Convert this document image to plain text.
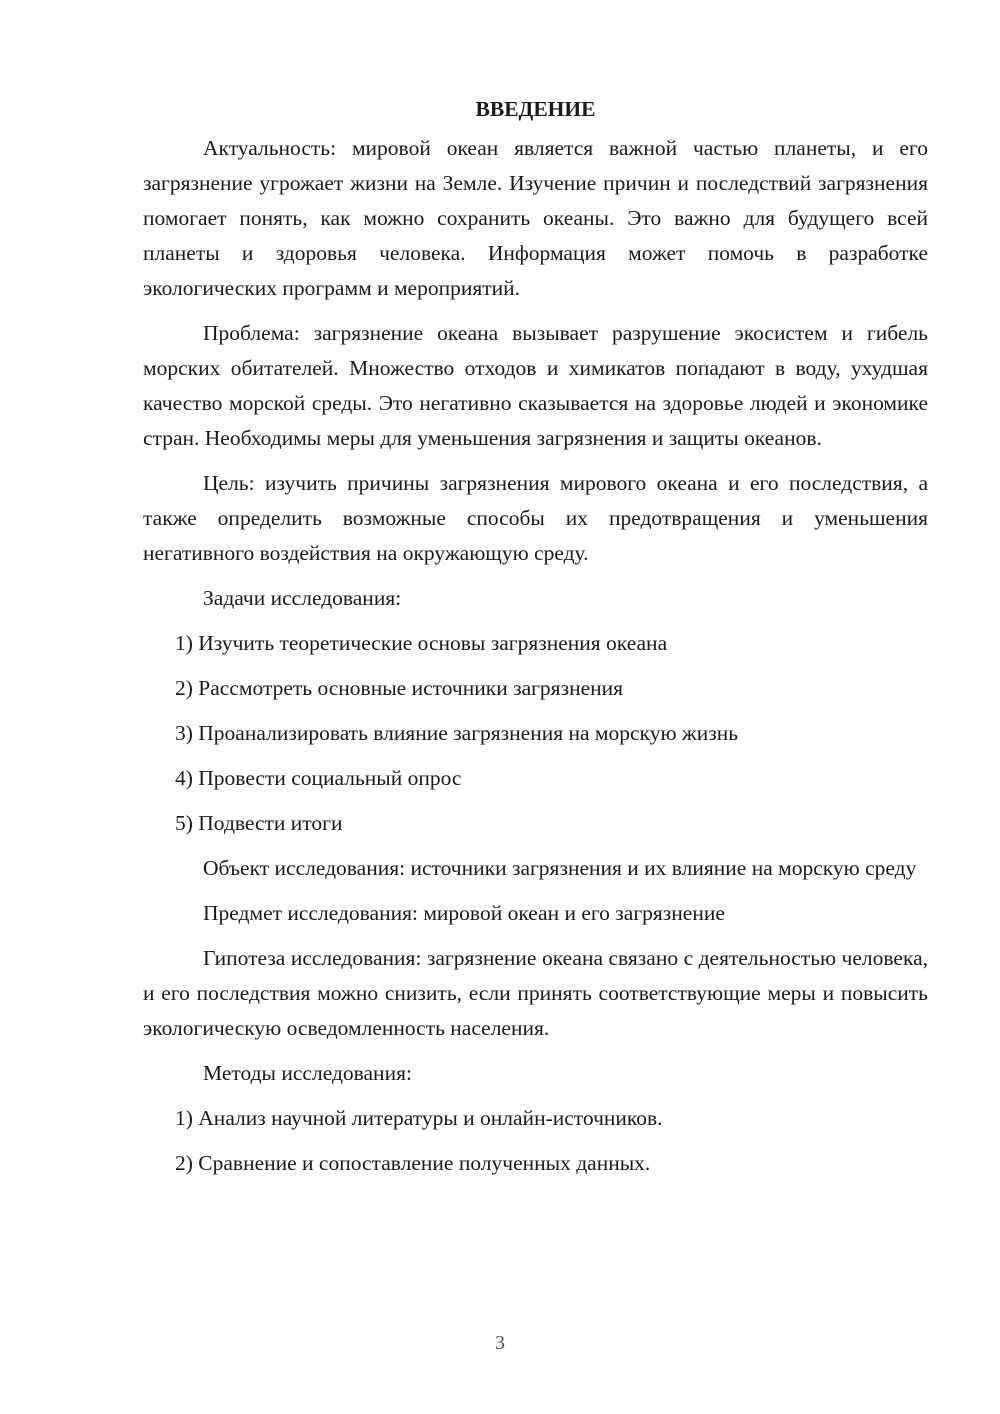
ВВЕДЕНИЕ

Актуальность: мировой океан является важной частью планеты, и его загрязнение угрожает жизни на Земле. Изучение причин и последствий загрязнения помогает понять, как можно сохранить океаны. Это важно для будущего всей планеты и здоровья человека. Информация может помочь в разработке экологических программ и мероприятий.

Проблема: загрязнение океана вызывает разрушение экосистем и гибель морских обитателей. Множество отходов и химикатов попадают в воду, ухудшая качество морской среды. Это негативно сказывается на здоровье людей и экономике стран. Необходимы меры для уменьшения загрязнения и защиты океанов.

Цель: изучить причины загрязнения мирового океана и его последствия, а также определить возможные способы их предотвращения и уменьшения негативного воздействия на окружающую среду.

Задачи исследования:

1) Изучить теоретические основы загрязнения океана
2) Рассмотреть основные источники загрязнения
3) Проанализировать влияние загрязнения на морскую жизнь
4) Провести социальный опрос
5) Подвести итоги

Объект исследования: источники загрязнения и их влияние на морскую среду

Предмет исследования: мировой океан и его загрязнение

Гипотеза исследования: загрязнение океана связано с деятельностью человека, и его последствия можно снизить, если принять соответствующие меры и повысить экологическую осведомленность населения.

Методы исследования:

1) Анализ научной литературы и онлайн-источников.
2) Сравнение и сопоставление полученных данных.
3
